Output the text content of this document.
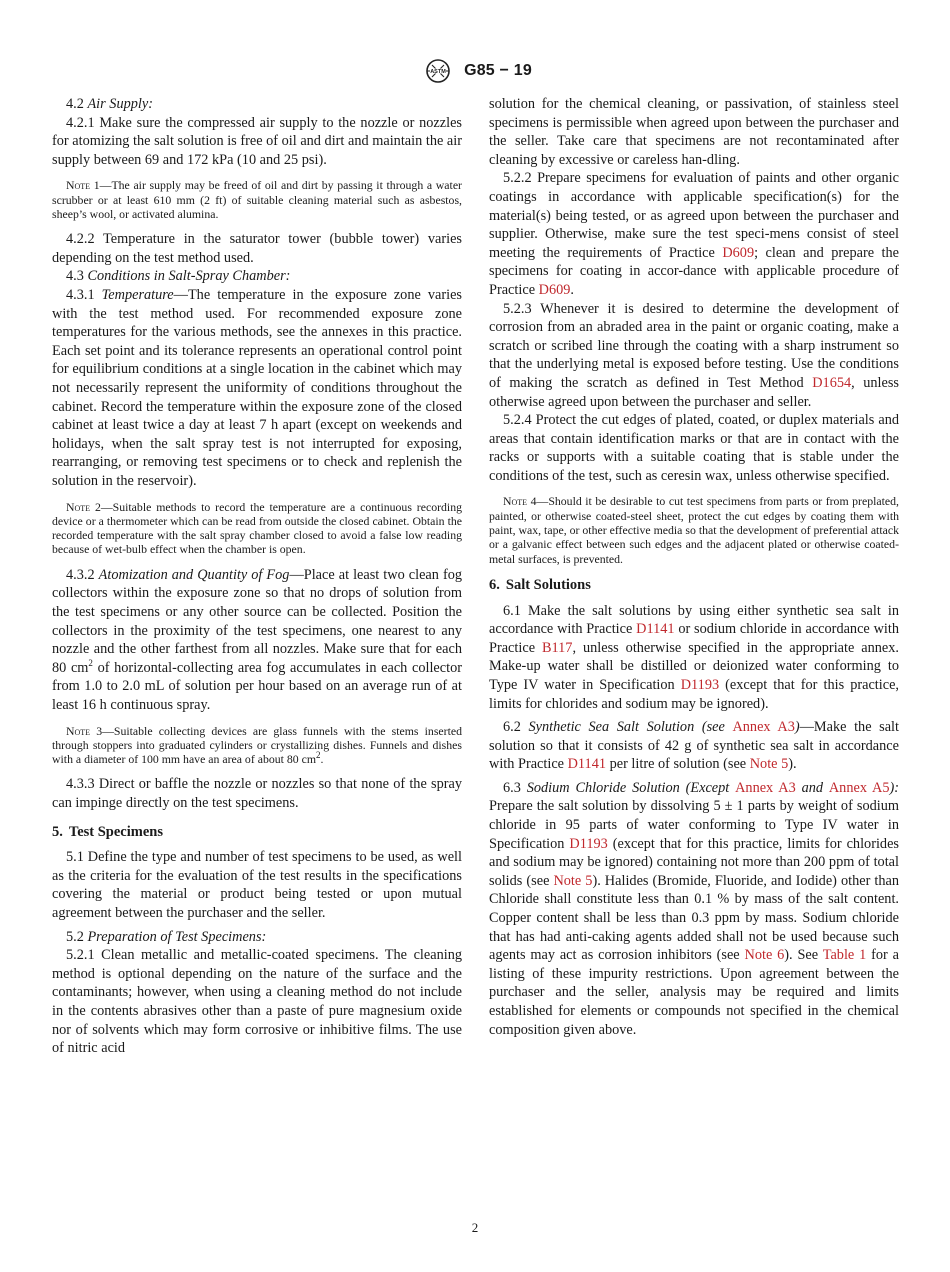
ASTM G85 − 19

4.2 Air Supply:

4.2.1 Make sure the compressed air supply to the nozzle or nozzles for atomizing the salt solution is free of oil and dirt and maintain the air supply between 69 and 172 kPa (10 and 25 psi).

Note 1—The air supply may be freed of oil and dirt by passing it through a water scrubber or at least 610 mm (2 ft) of suitable cleaning material such as asbestos, sheep’s wool, or activated alumina.

4.2.2 Temperature in the saturator tower (bubble tower) varies depending on the test method used.

4.3 Conditions in Salt-Spray Chamber:

4.3.1 Temperature—The temperature in the exposure zone varies with the test method used. For recommended exposure zone temperatures for the various methods, see the annexes in this practice. Each set point and its tolerance represents an operational control point for equilibrium conditions at a single location in the cabinet which may not necessarily represent the uniformity of conditions throughout the cabinet. Record the temperature within the exposure zone of the closed cabinet at least twice a day at least 7 h apart (except on weekends and holidays, when the salt spray test is not interrupted for exposing, rearranging, or removing test specimens or to check and replenish the solution in the reservoir).

Note 2—Suitable methods to record the temperature are a continuous recording device or a thermometer which can be read from outside the closed cabinet. Obtain the recorded temperature with the salt spray chamber closed to avoid a false low reading because of wet-bulb effect when the chamber is open.

4.3.2 Atomization and Quantity of Fog—Place at least two clean fog collectors within the exposure zone so that no drops of solution from the test specimens or any other source can be collected. Position the collectors in the proximity of the test specimens, one nearest to any nozzle and the other farthest from all nozzles. Make sure that for each 80 $cm^2$ of horizontal-collecting area fog accumulates in each collector from 1.0 to 2.0 mL of solution per hour based on an average run of at least 16 h continuous spray.

Note 3—Suitable collecting devices are glass funnels with the stems inserted through stoppers into graduated cylinders or crystallizing dishes. Funnels and dishes with a diameter of 100 mm have an area of about 80 $cm^2$.

4.3.3 Direct or baffle the nozzle or nozzles so that none of the spray can impinge directly on the test specimens.

5. Test Specimens

5.1 Define the type and number of test specimens to be used, as well as the criteria for the evaluation of the test results in the specifications covering the material or product being tested or upon mutual agreement between the purchaser and the seller.

5.2 Preparation of Test Specimens:

5.2.1 Clean metallic and metallic-coated specimens. The cleaning method is optional depending on the nature of the surface and the contaminants; however, when using a cleaning method do not include in the contents abrasives other than a paste of pure magnesium oxide nor of solvents which may form corrosive or inhibitive films. The use of nitric acid

solution for the chemical cleaning, or passivation, of stainless steel specimens is permissible when agreed upon between the purchaser and the seller. Take care that specimens are not recontaminated after cleaning by excessive or careless han-dling.

5.2.2 Prepare specimens for evaluation of paints and other organic coatings in accordance with applicable specification(s) for the material(s) being tested, or as agreed upon between the purchaser and supplier. Otherwise, make sure the test speci-mens consist of steel meeting the requirements of Practice D609; clean and prepare the specimens for coating in accor-dance with applicable procedure of Practice D609.

5.2.3 Whenever it is desired to determine the development of corrosion from an abraded area in the paint or organic coating, make a scratch or scribed line through the coating with a sharp instrument so that the underlying metal is exposed before testing. Use the conditions of making the scratch as defined in Test Method D1654, unless otherwise agreed upon between the purchaser and seller.

5.2.4 Protect the cut edges of plated, coated, or duplex materials and areas that contain identification marks or that are in contact with the racks or supports with a suitable coating that is stable under the conditions of the test, such as ceresin wax, unless otherwise specified.

Note 4—Should it be desirable to cut test specimens from parts or from preplated, painted, or otherwise coated-steel sheet, protect the cut edges by coating them with paint, wax, tape, or other effective media so that the development of preferential attack or a galvanic effect between such edges and the adjacent plated or otherwise coated-metal surfaces, is prevented.

6. Salt Solutions

6.1 Make the salt solutions by using either synthetic sea salt in accordance with Practice D1141 or sodium chloride in accordance with Practice B117, unless otherwise specified in the appropriate annex. Make-up water shall be distilled or deionized water conforming to Type IV water in Specification D1193 (except that for this practice, limits for chlorides and sodium may be ignored).

6.2 Synthetic Sea Salt Solution (see Annex A3)—Make the salt solution so that it consists of 42 g of synthetic sea salt in accordance with Practice D1141 per litre of solution (see Note 5).

6.3 Sodium Chloride Solution (Except Annex A3 and Annex A5): Prepare the salt solution by dissolving 5 ± 1 parts by weight of sodium chloride in 95 parts of water conforming to Type IV water in Specification D1193 (except that for this practice, limits for chlorides and sodium may be ignored) containing not more than 200 ppm of total solids (see Note 5). Halides (Bromide, Fluoride, and Iodide) other than Chloride shall constitute less than 0.1 % by mass of the salt content. Copper content shall be less than 0.3 ppm by mass. Sodium chloride that has had anti-caking agents added shall not be used because such agents may act as corrosion inhibitors (see Note 6). See Table 1 for a listing of these impurity restrictions. Upon agreement between the purchaser and the seller, analysis may be required and limits established for elements or compounds not specified in the chemical composition given above.

2
